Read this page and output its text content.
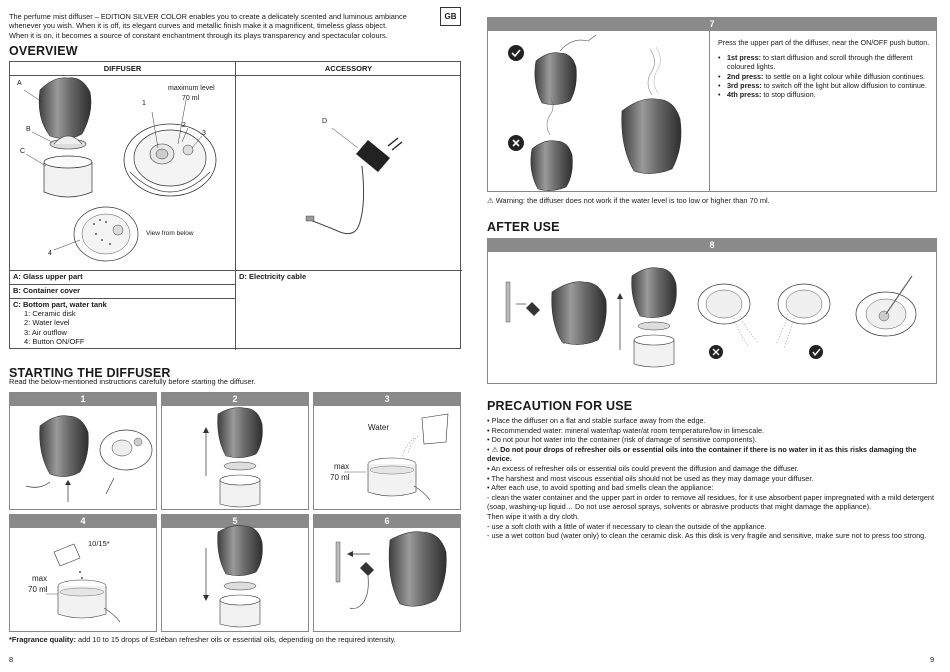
The perfume mist diffuser – EDITION SILVER COLOR enables you to create a delicately scented and luminous ambiance whenever you wish. When it is off, its elegant curves and metallic finish make it a magnificent, timeless glass object.
When it is on, it becomes a source of constant enchantment through its plays transparency and spectacular colours.
GB
OVERVIEW
DIFFUSER	ACCESSORY
A
B
C
1
2
3
4
maximum level
70 ml
View from below
D
A: Glass upper part	D: Electricity cable
B: Container cover
C: Bottom part, water tank
1: Ceramic disk
2: Water level
3: Air outflow
4: Button ON/OFF
STARTING THE DIFFUSER
Read the below-mentioned instructions carefully before starting the diffuser.
1	2	3
Water
max
70 ml
4
10/15*
max
70 ml
5	6
*Fragrance quality: add 10 to 15 drops of Estéban refresher oils or essential oils, depending on the required intensity.
8
7
Press the upper part of the diffuser, near the ON/OFF push button.
• 1st press: to start diffusion and scroll through the different coloured lights.
• 2nd press: to settle on a light colour while diffusion continues.
• 3rd press: to switch off the light but allow diffusion to continue.
• 4th press: to stop diffusion.
⚠ Warning: the diffuser does not work if the water level is too low or higher than 70 ml.
AFTER USE
8
PRECAUTION FOR USE
• Place the diffuser on a flat and stable surface away from the edge.
• Recommended water: mineral water/tap water/at room temperature/low in limescale.
• Do not pour hot water into the container (risk of damage of sensitive components).
• ⚠ Do not pour drops of refresher oils or essential oils into the container if there is no water in it as this risks damaging the device.
• An excess of refresher oils or essential oils could prevent the diffusion and damage the diffuser.
• The harshest and most viscous essential oils should not be used as they may damage your diffuser.
• After each use, to avoid spotting and bad smells clean the appliance:
- clean the water container and the upper part in order to remove all residues, for it use absorbent paper impregnated with a mild detergent (soap, washing-up liquid… Do not use aerosol sprays, solvents or abrasive products that might damage the appliance).
Then wipe it with a dry cloth.
- use a soft cloth with a little of water if necessary to clean the outside of the appliance.
- use a wet cotton bud (water only) to clean the ceramic disk. As this disk is very fragile and sensitive, make sure not to press too strong.
9
